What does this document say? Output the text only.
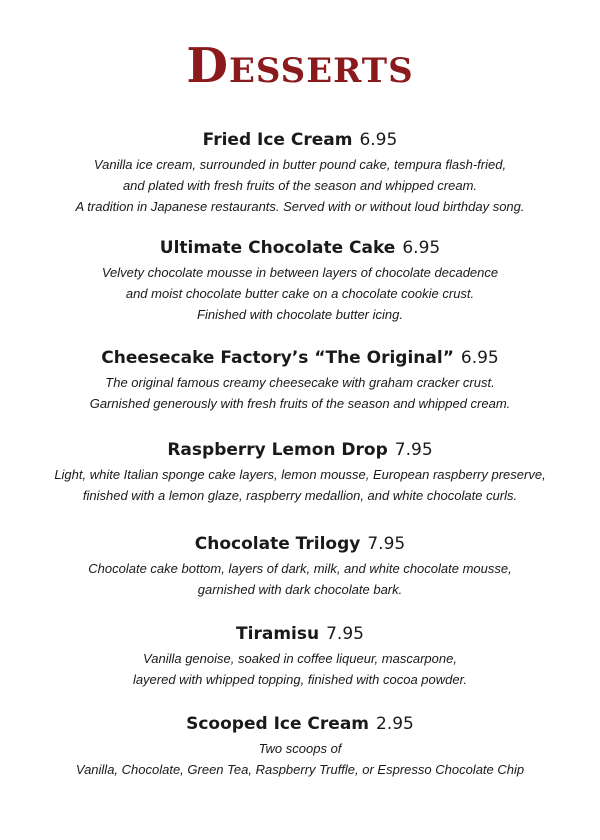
Desserts
Fried Ice Cream 6.95
Vanilla ice cream, surrounded in butter pound cake, tempura flash-fried,
and plated with fresh fruits of the season and whipped cream.
A tradition in Japanese restaurants. Served with or without loud birthday song.
Ultimate Chocolate Cake 6.95
Velvety chocolate mousse in between layers of chocolate decadence
and moist chocolate butter cake on a chocolate cookie crust.
Finished with chocolate butter icing.
Cheesecake Factory’s “The Original” 6.95
The original famous creamy cheesecake with graham cracker crust.
Garnished generously with fresh fruits of the season and whipped cream.
Raspberry Lemon Drop 7.95
Light, white Italian sponge cake layers, lemon mousse, European raspberry preserve,
finished with a lemon glaze, raspberry medallion, and white chocolate curls.
Chocolate Trilogy 7.95
Chocolate cake bottom, layers of dark, milk, and white chocolate mousse,
garnished with dark chocolate bark.
Tiramisu 7.95
Vanilla genoise, soaked in coffee liqueur, mascarpone,
layered with whipped topping, finished with cocoa powder.
Scooped Ice Cream 2.95
Two scoops of
Vanilla, Chocolate, Green Tea, Raspberry Truffle, or Espresso Chocolate Chip
